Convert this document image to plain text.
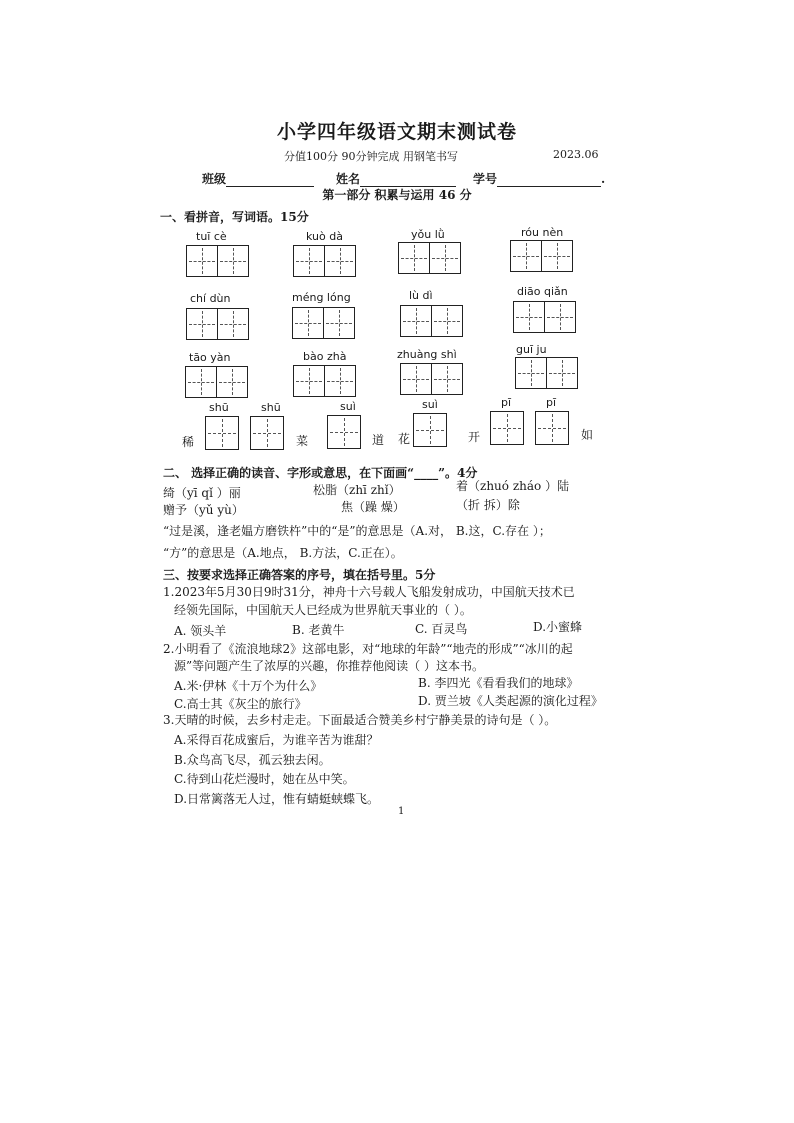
小学四年级语文期末测试卷
分值100分 90分钟完成 用钢笔书写	2023.06
班级	姓名	学号	.
第一部分 积累与运用 46 分
一、看拼音，写词语。15分
tuī cè	kuò dà	yǒu lǜ	róu nèn
chí dùn	méng lóng	lù dì	diāo qiǎn
tāo yàn	bào zhà	zhuàng shì	guī ju
shū	shū	suì	suì	pī	pī
稀	菜	道 花	开	如
二、 选择正确的读音、字形或意思，在下面画“____”。4分
绮（yī qǐ ）丽	松脂（zhī zhǐ）	着（zhuó zháo ）陆
赠予（yǔ yù）	焦（躁 燥）	（折 拆）除
“过是溪，逢老媪方磨铁杵”中的“是”的意思是（A.对， B.这，C.存在 ）；
“方”的意思是（A.地点， B.方法，C.正在）。
三、按要求选择正确答案的序号，填在括号里。5分
1.2023年5月30日9时31分，神舟十六号载人飞船发射成功，中国航天技术已
经领先国际，中国航天人已经成为世界航天事业的（ ）。
A. 领头羊	B. 老黄牛	C. 百灵鸟	D.小蜜蜂
2.小明看了《流浪地球2》这部电影，对“地球的年龄”“地壳的形成”“冰川的起
源”等问题产生了浓厚的兴趣，你推荐他阅读（ ）这本书。
A.米·伊林《十万个为什么》	B. 李四光《看看我们的地球》
C.高士其《灰尘的旅行》	D. 贾兰坡《人类起源的演化过程》
3.天晴的时候，去乡村走走。下面最适合赞美乡村宁静美景的诗句是（ ）。
A.采得百花成蜜后，为谁辛苦为谁甜？
B.众鸟高飞尽，孤云独去闲。
C.待到山花烂漫时，她在丛中笑。
D.日常篱落无人过，惟有蜻蜓蛱蝶飞。
1
